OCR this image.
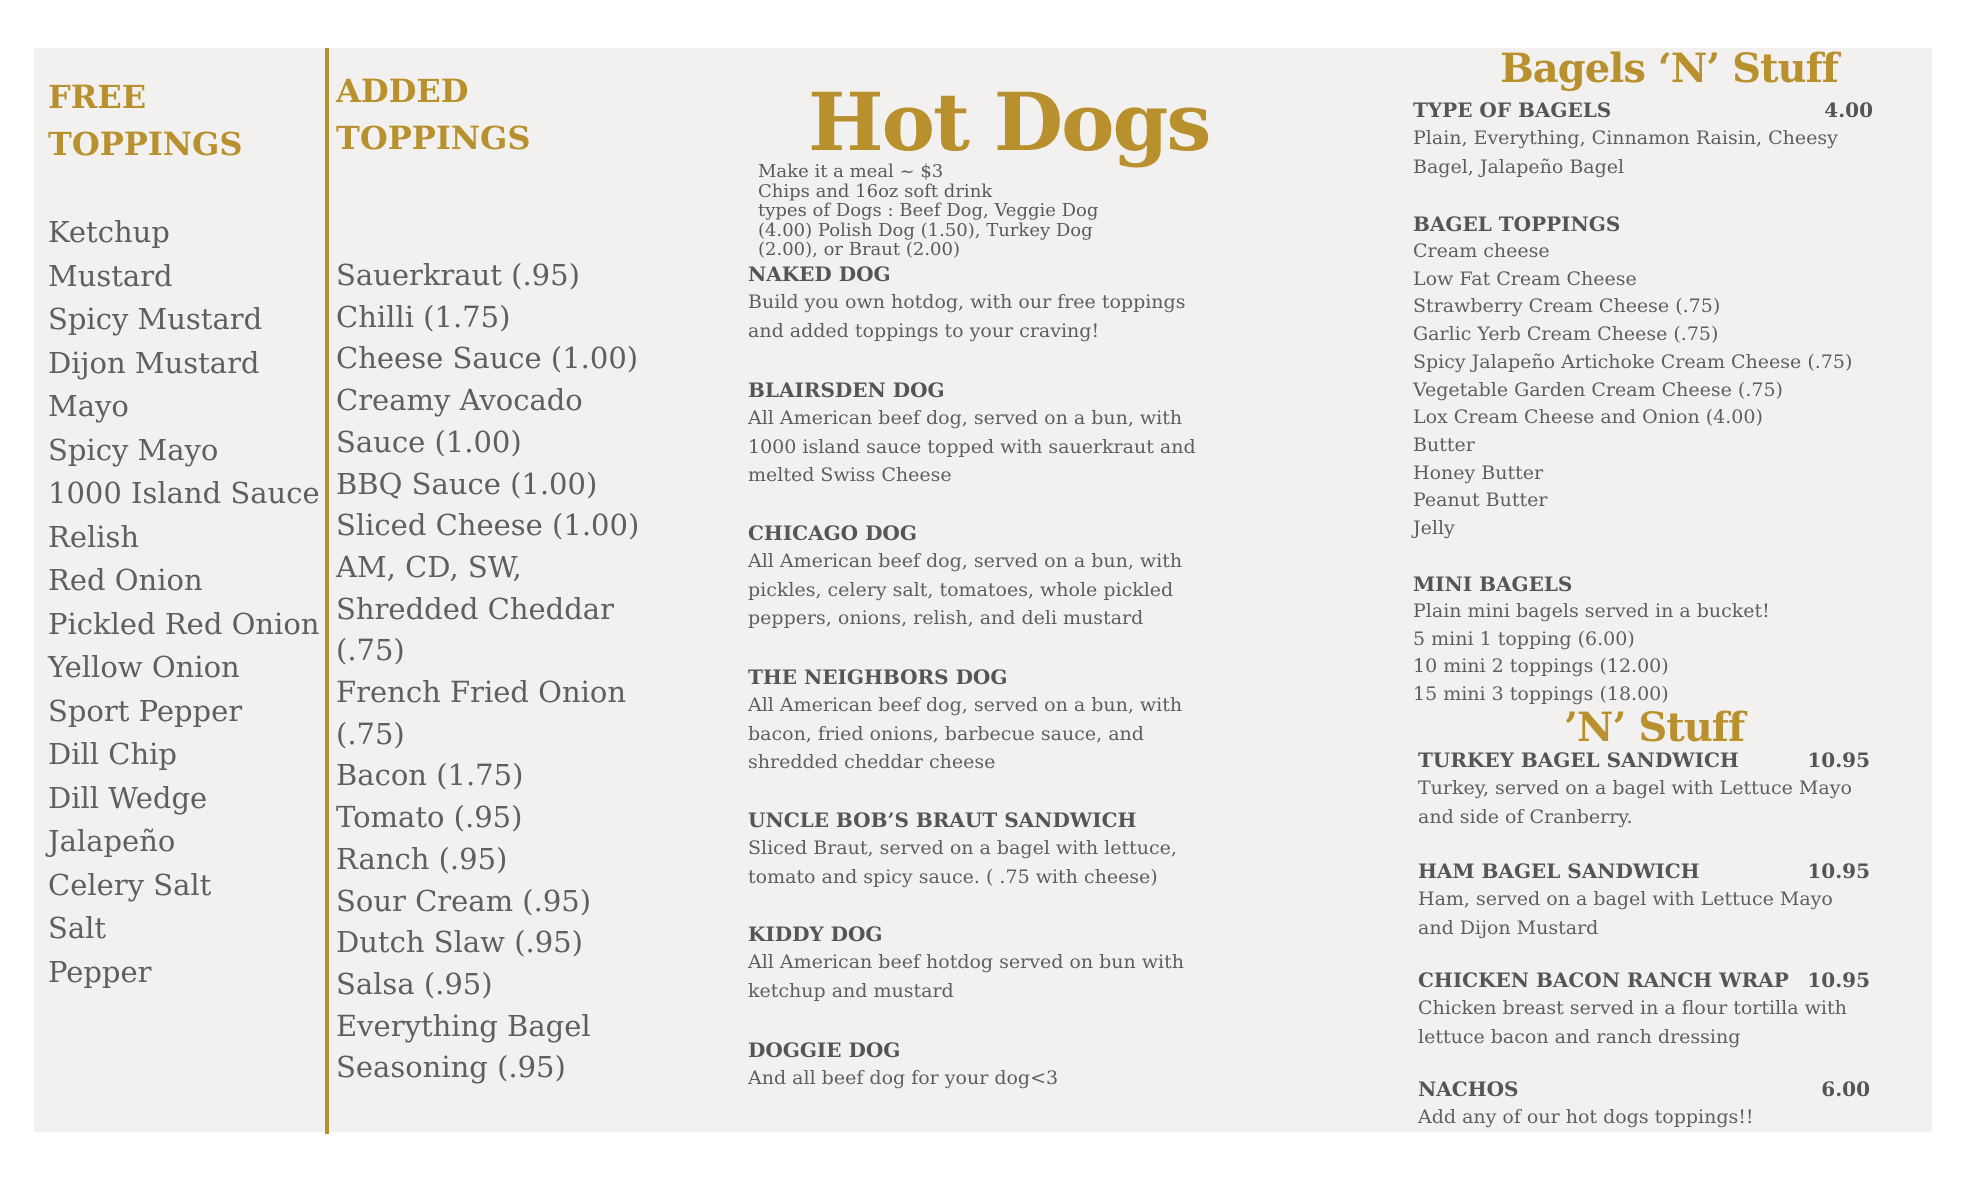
FREE
TOPPINGS
Ketchup
Mustard
Spicy Mustard
Dijon Mustard
Mayo
Spicy Mayo
1000 Island Sauce
Relish
Red Onion
Pickled Red Onion
Yellow Onion
Sport Pepper
Dill Chip
Dill Wedge
Jalapeño
Celery Salt
Salt
Pepper
ADDED
TOPPINGS
Sauerkraut (.95)
Chilli (1.75)
Cheese Sauce (1.00)
Creamy Avocado
Sauce (1.00)
BBQ Sauce (1.00)
Sliced Cheese (1.00)
AM, CD, SW,
Shredded Cheddar
(.75)
French Fried Onion
(.75)
Bacon (1.75)
Tomato (.95)
Ranch (.95)
Sour Cream (.95)
Dutch Slaw (.95)
Salsa (.95)
Everything Bagel
Seasoning (.95)
Hot Dogs
Make it a meal ~ $3
Chips and 16oz soft drink
types of Dogs : Beef Dog, Veggie Dog
(4.00) Polish Dog (1.50), Turkey Dog
(2.00), or Braut (2.00)
NAKED DOG
Build you own hotdog, with our free toppings and added toppings to your craving!
BLAIRSDEN DOG
All American beef dog, served on a bun, with 1000 island sauce topped with sauerkraut and melted Swiss Cheese
CHICAGO DOG
All American beef dog, served on a bun, with pickles, celery salt, tomatoes, whole pickled peppers, onions, relish, and deli mustard
THE NEIGHBORS DOG
All American beef dog, served on a bun, with bacon, fried onions, barbecue sauce, and shredded cheddar cheese
UNCLE BOB’S BRAUT SANDWICH
Sliced Braut, served on a bagel with lettuce, tomato and spicy sauce. ( .75 with cheese)
KIDDY DOG
All American beef hotdog served on bun with ketchup and mustard
DOGGIE DOG
And all beef dog for your dog<3
Bagels ‘N’ Stuff
TYPE OF BAGELS	4.00
Plain, Everything, Cinnamon Raisin, Cheesy Bagel, Jalapeño Bagel
BAGEL TOPPINGS
Cream cheese
Low Fat Cream Cheese
Strawberry Cream Cheese (.75)
Garlic Yerb Cream Cheese (.75)
Spicy Jalapeño Artichoke Cream Cheese (.75)
Vegetable Garden Cream Cheese (.75)
Lox Cream Cheese and Onion (4.00)
Butter
Honey Butter
Peanut Butter
Jelly
MINI BAGELS
Plain mini bagels served in a bucket!
5 mini 1 topping (6.00)
10 mini 2 toppings (12.00)
15 mini 3 toppings (18.00)
’N’ Stuff
TURKEY BAGEL SANDWICH	10.95
Turkey, served on a bagel with Lettuce Mayo and side of Cranberry.
HAM BAGEL SANDWICH	10.95
Ham, served on a bagel with Lettuce Mayo and Dijon Mustard
CHICKEN BACON RANCH WRAP 10.95
Chicken breast served in a flour tortilla with lettuce bacon and ranch dressing
NACHOS	6.00
Add any of our hot dogs toppings!!
